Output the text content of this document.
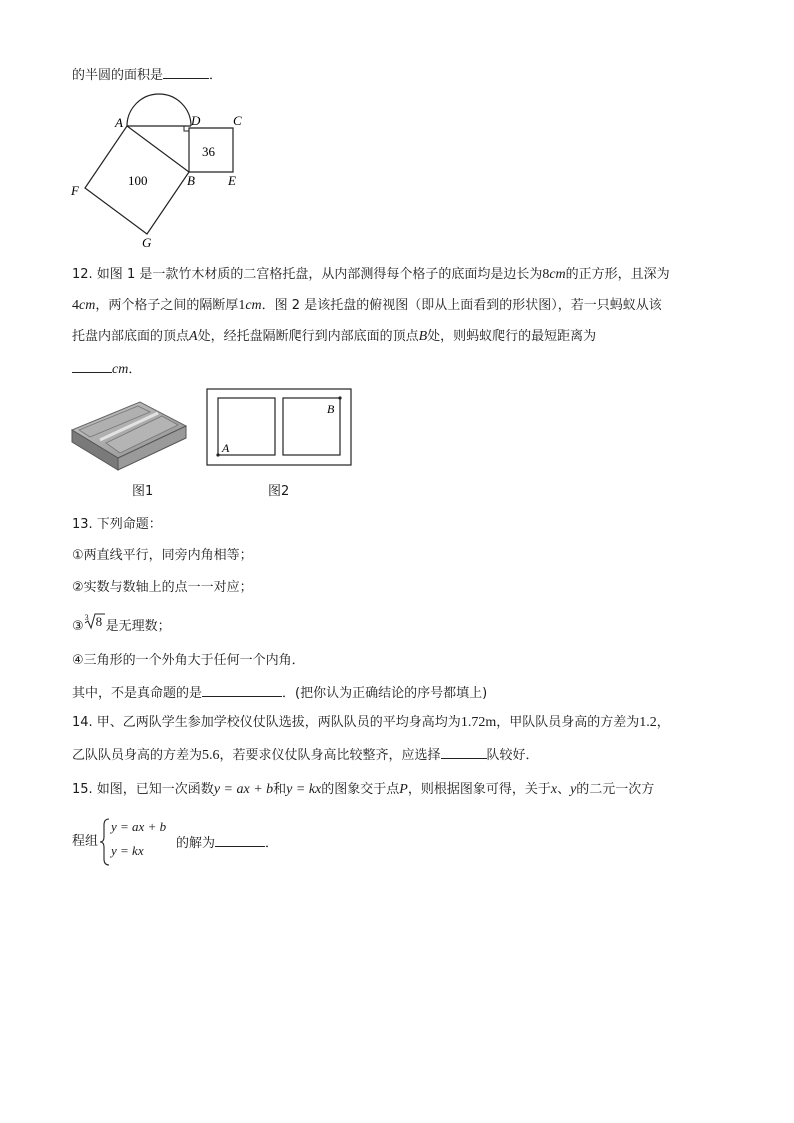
的半圆的面积是	．
A	D	C
B	E
F
G
100
36
12. 如图 1 是一款竹木材质的二宫格托盘，从内部测得每个格子的底面均是边长为8cm的正方形，且深为
4cm，两个格子之间的隔断厚1cm．图 2 是该托盘的俯视图（即从上面看到的形状图），若一只蚂蚁从该
托盘内部底面的顶点A处，经托盘隔断爬行到内部底面的顶点B处，则蚂蚁爬行的最短距离为
cm．
图1
A
B
图2
13. 下列命题：
①两直线平行，同旁内角相等；
②实数与数轴上的点一一对应；
③
3 8 是无理数；
④三角形的一个外角大于任何一个内角．
其中，不是真命题的是	．(把你认为正确结论的序号都填上)
14. 甲、乙两队学生参加学校仪仗队选拔，两队队员的平均身高均为1.72m，甲队队员身高的方差为1.2，
乙队队员身高的方差为5.6，若要求仪仗队身高比较整齐，应选择	队较好．
15. 如图，已知一次函数y = ax + b和y = kx的图象交于点P，则根据图象可得，关于x、y的二元一次方
程组
y = ax + b
y = kx 的解为	．
